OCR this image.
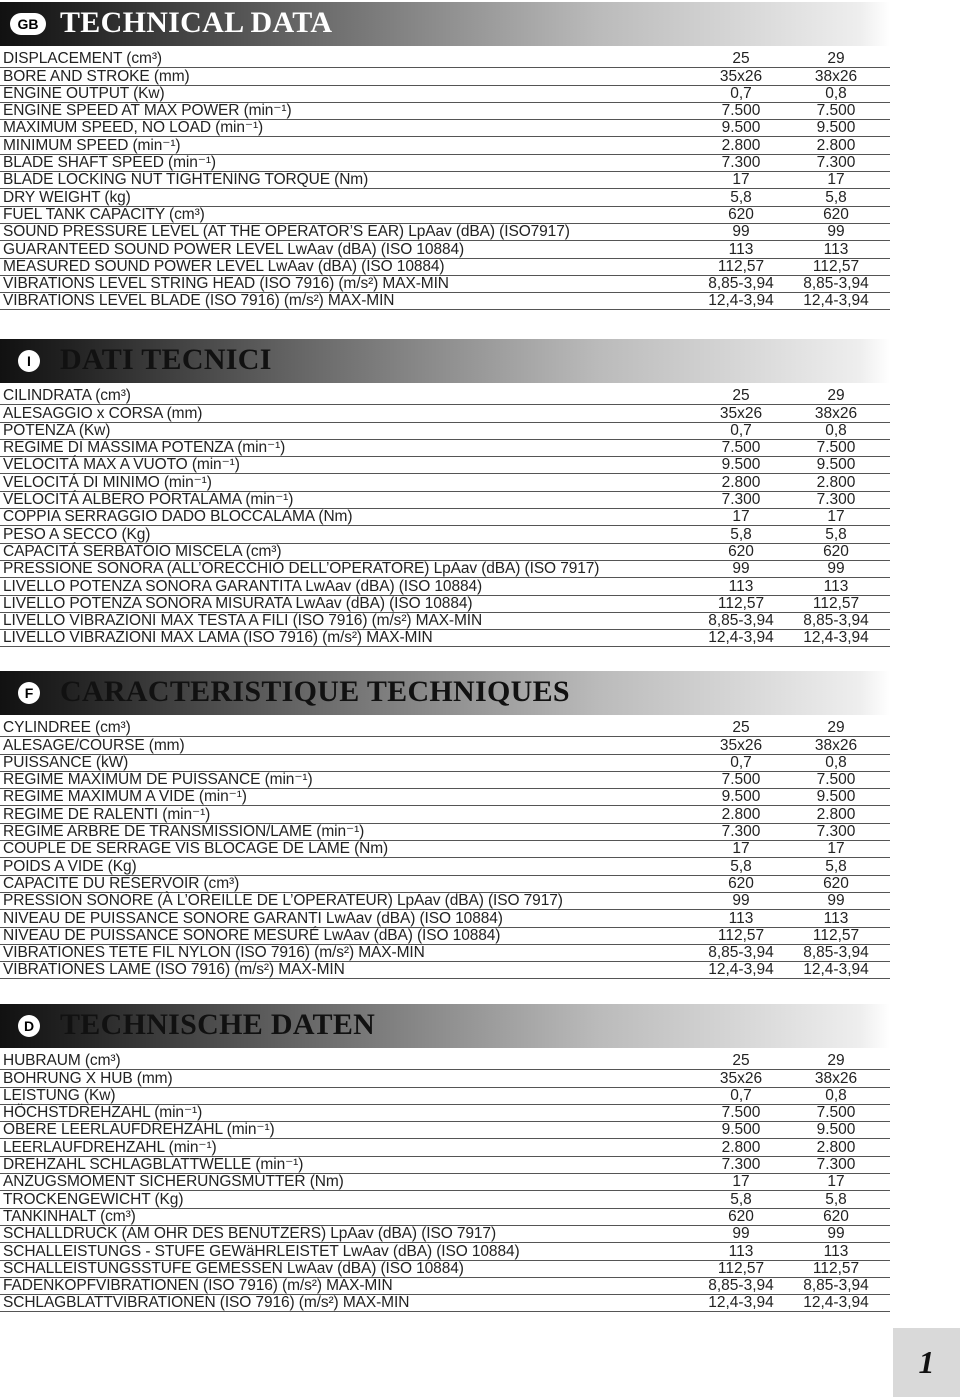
GB TECHNICAL DATA
DISPLACEMENT (cm³)	25	29
BORE AND STROKE (mm)	35x26	38x26
ENGINE OUTPUT (Kw)	0,7	0,8
ENGINE SPEED AT MAX POWER (min⁻¹)	7.500	7.500
MAXIMUM SPEED, NO LOAD (min⁻¹)	9.500	9.500
MINIMUM SPEED (min⁻¹)	2.800	2.800
BLADE SHAFT SPEED (min⁻¹)	7.300	7.300
BLADE LOCKING NUT TIGHTENING TORQUE (Nm)	17	17
DRY WEIGHT (kg)	5,8	5,8
FUEL TANK CAPACITY (cm³)	620	620
SOUND PRESSURE LEVEL (AT THE OPERATOR’S EAR) LpAav (dBA) (ISO7917)	99	99
GUARANTEED SOUND POWER LEVEL LwAav (dBA) (ISO 10884)	113	113
MEASURED SOUND POWER LEVEL LwAav (dBA) (ISO 10884)	112,57	112,57
VIBRATIONS LEVEL STRING HEAD (ISO 7916) (m/s²) MAX-MIN	8,85-3,94	8,85-3,94
VIBRATIONS LEVEL BLADE (ISO 7916) (m/s²) MAX-MIN	12,4-3,94	12,4-3,94
I DATI TECNICI
CILINDRATA (cm³)	25	29
ALESAGGIO x CORSA (mm)	35x26	38x26
POTENZA (Kw)	0,7	0,8
REGIME DI MASSIMA POTENZA (min⁻¹)	7.500	7.500
VELOCITÁ MAX A VUOTO (min⁻¹)	9.500	9.500
VELOCITÁ DI MINIMO (min⁻¹)	2.800	2.800
VELOCITÁ ALBERO PORTALAMA (min⁻¹)	7.300	7.300
COPPIA SERRAGGIO DADO BLOCCALAMA (Nm)	17	17
PESO A SECCO (Kg)	5,8	5,8
CAPACITÁ SERBATOIO MISCELA (cm³)	620	620
PRESSIONE SONORA (ALL’ORECCHIO DELL’OPERATORE) LpAav (dBA) (ISO 7917)	99	99
LIVELLO POTENZA SONORA GARANTITA LwAav (dBA) (ISO 10884)	113	113
LIVELLO POTENZA SONORA MISURATA LwAav (dBA) (ISO 10884)	112,57	112,57
LIVELLO VIBRAZIONI MAX TESTA A FILI (ISO 7916) (m/s²) MAX-MIN	8,85-3,94	8,85-3,94
LIVELLO VIBRAZIONI MAX LAMA (ISO 7916) (m/s²) MAX-MIN	12,4-3,94	12,4-3,94
F CARACTERISTIQUE TECHNIQUES
CYLINDREE (cm³)	25	29
ALESAGE/COURSE (mm)	35x26	38x26
PUISSANCE (kW)	0,7	0,8
REGIME MAXIMUM DE PUISSANCE (min⁻¹)	7.500	7.500
REGIME MAXIMUM A VIDE (min⁻¹)	9.500	9.500
REGIME DE RALENTI (min⁻¹)	2.800	2.800
REGIME ARBRE DE TRANSMISSION/LAME (min⁻¹)	7.300	7.300
COUPLE DE SERRAGE VIS BLOCAGE DE LAME (Nm)	17	17
POIDS A VIDE (Kg)	5,8	5,8
CAPACITE DU RESERVOIR (cm³)	620	620
PRESSION SONORE (À L’OREILLE DE L’OPERATEUR) LpAav (dBA) (ISO 7917)	99	99
NIVEAU DE PUISSANCE SONORE GARANTI LwAav (dBA) (ISO 10884)	113	113
NIVEAU DE PUISSANCE SONORE MESURÉ LwAav (dBA) (ISO 10884)	112,57	112,57
VIBRATIONES TETE FIL NYLON (ISO 7916) (m/s²) MAX-MIN	8,85-3,94	8,85-3,94
VIBRATIONES LAME (ISO 7916) (m/s²) MAX-MIN	12,4-3,94	12,4-3,94
D TECHNISCHE DATEN
HUBRAUM (cm³)	25	29
BOHRUNG X HUB (mm)	35x26	38x26
LEISTUNG (Kw)	0,7	0,8
HÖCHSTDREHZAHL (min⁻¹)	7.500	7.500
OBERE LEERLAUFDREHZAHL (min⁻¹)	9.500	9.500
LEERLAUFDREHZAHL (min⁻¹)	2.800	2.800
DREHZAHL SCHLAGBLATTWELLE (min⁻¹)	7.300	7.300
ANZUGSMOMENT SICHERUNGSMUTTER (Nm)	17	17
TROCKENGEWICHT (Kg)	5,8	5,8
TANKINHALT (cm³)	620	620
SCHALLDRUCK (AM OHR DES BENUTZERS) LpAav (dBA) (ISO 7917)	99	99
SCHALLEISTUNGS - STUFE GEWäHRLEISTET LwAav (dBA) (ISO 10884)	113	113
SCHALLEISTUNGSSTUFE GEMESSEN LwAav (dBA) (ISO 10884)	112,57	112,57
FADENKOPFVIBRATIONEN (ISO 7916) (m/s²) MAX-MIN	8,85-3,94	8,85-3,94
SCHLAGBLATTVIBRATIONEN (ISO 7916) (m/s²) MAX-MIN	12,4-3,94	12,4-3,94
1
